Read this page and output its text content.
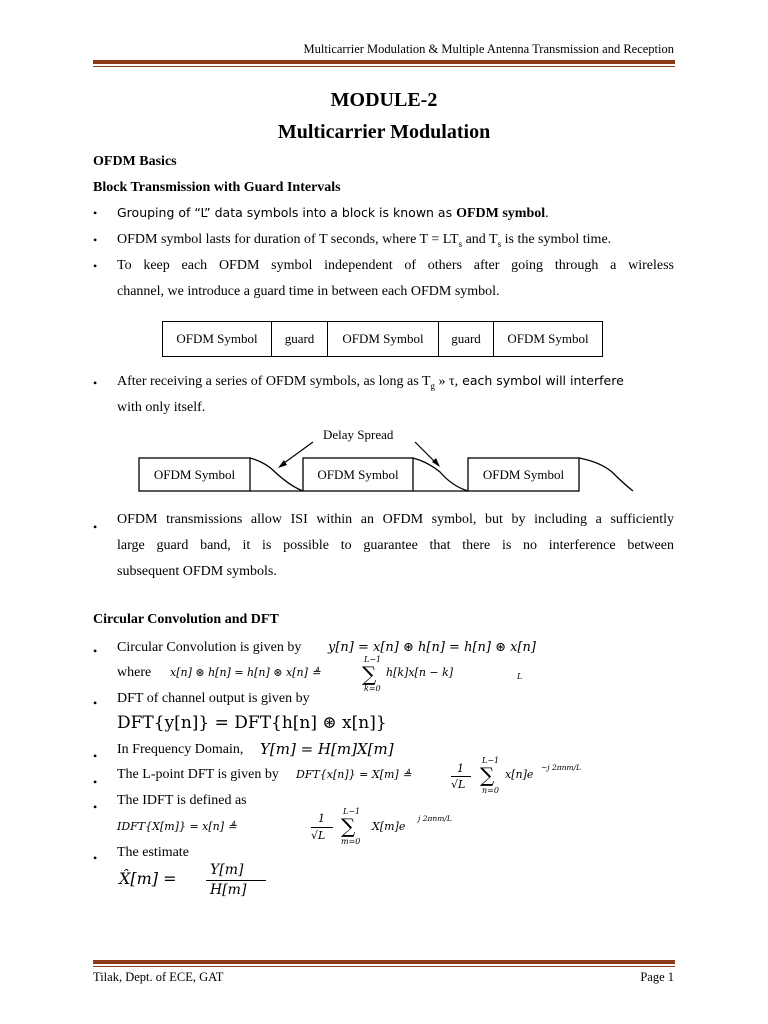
Multicarrier Modulation & Multiple Antenna Transmission and Reception
MODULE-2
Multicarrier Modulation
OFDM Basics
Block Transmission with Guard Intervals
• Grouping of “L” data symbols into a block is known as OFDM symbol.
• OFDM symbol lasts for duration of T seconds, where $T = LT_s$ and $T_s$ is the symbol time.
• To keep each OFDM symbol independent of others after going through a wireless
channel, we introduce a guard time in between each OFDM symbol.
OFDM Symbol	guard	OFDM Symbol	guard	OFDM Symbol
• After receiving a series of OFDM symbols, as long as $T_g$ » τ, each symbol will interfere
with only itself.
Delay Spread
OFDM Symbol	OFDM Symbol	OFDM Symbol
• OFDM transmissions allow ISI within an OFDM symbol, but by including a sufficiently
large guard band, it is possible to guarantee that there is no interference between
subsequent OFDM symbols.
Circular Convolution and DFT
• Circular Convolution is given by y[n] = x[n] ⊛ h[n] = h[n] ⊛ x[n]
where x[n] ⊛ h[n] = h[n] ⊛ x[n] ≜
L−1
∑
k=0
h[k]x[n − k]	L
• DFT of channel output is given by
DFT{y[n]} = DFT{h[n] ⊛ x[n]}
• In Frequency Domain, Y[m] = H[m]X[m]
• The L-point DFT is given by DFT{x[n]} = X[m] ≜	1
√L
L−1
∑
n=0
x[n]e
−j 2πnm/L
• The IDFT is defined as
IDFT{X[m]} = x[n] ≜
1
√L
L−1
∑
m=0
X[m]e
j 2πnm/L
• The estimate
X̂[m] = Y[m]
H[m]
Tilak, Dept. of ECE, GAT	Page 1
